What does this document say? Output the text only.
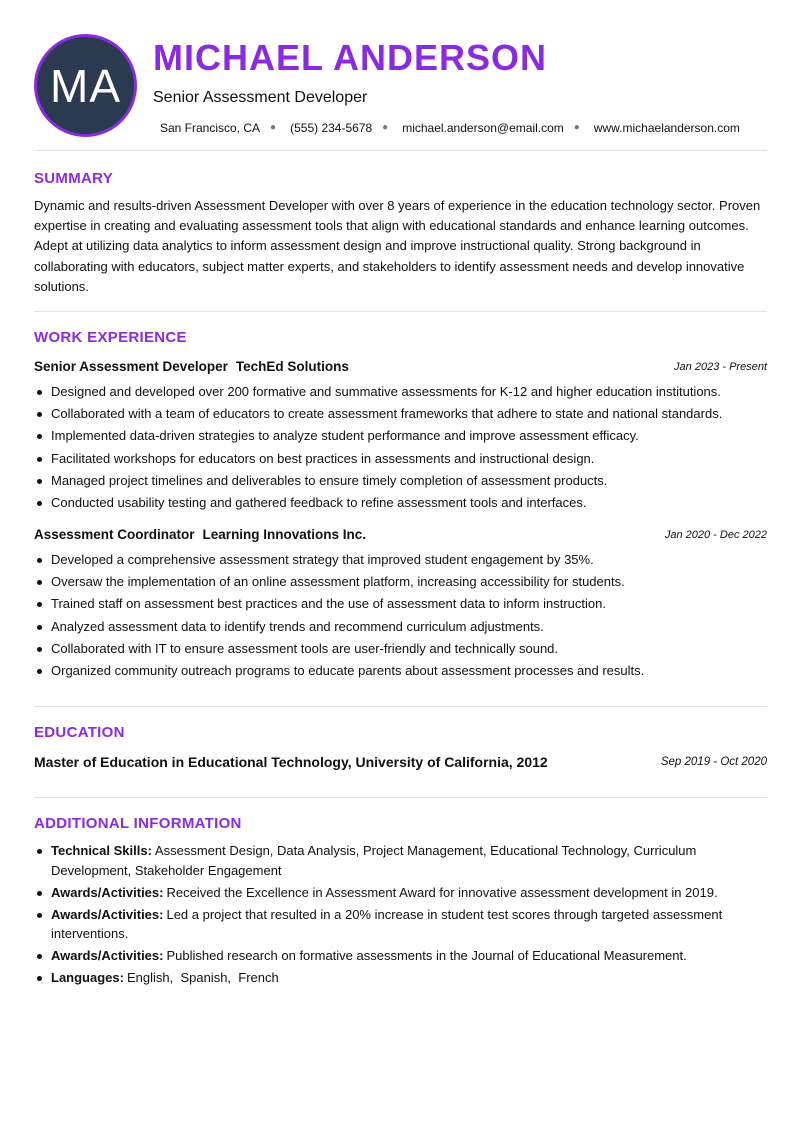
MA
MICHAEL ANDERSON
Senior Assessment Developer
San Francisco, CA ● (555) 234-5678 ● michael.anderson@email.com ● www.michaelanderson.com
SUMMARY
Dynamic and results-driven Assessment Developer with over 8 years of experience in the education technology sector. Proven expertise in creating and evaluating assessment tools that align with educational standards and enhance learning outcomes. Adept at utilizing data analytics to inform assessment design and improve instructional quality. Strong background in collaborating with educators, subject matter experts, and stakeholders to identify assessment needs and develop innovative solutions.
WORK EXPERIENCE
Senior Assessment Developer TechEd Solutions	Jan 2023 - Present
Designed and developed over 200 formative and summative assessments for K-12 and higher education institutions.
Collaborated with a team of educators to create assessment frameworks that adhere to state and national standards.
Implemented data-driven strategies to analyze student performance and improve assessment efficacy.
Facilitated workshops for educators on best practices in assessments and instructional design.
Managed project timelines and deliverables to ensure timely completion of assessment products.
Conducted usability testing and gathered feedback to refine assessment tools and interfaces.
Assessment Coordinator Learning Innovations Inc.	Jan 2020 - Dec 2022
Developed a comprehensive assessment strategy that improved student engagement by 35%.
Oversaw the implementation of an online assessment platform, increasing accessibility for students.
Trained staff on assessment best practices and the use of assessment data to inform instruction.
Analyzed assessment data to identify trends and recommend curriculum adjustments.
Collaborated with IT to ensure assessment tools are user-friendly and technically sound.
Organized community outreach programs to educate parents about assessment processes and results.
EDUCATION
Master of Education in Educational Technology, University of California, 2012	Sep 2019 - Oct 2020
ADDITIONAL INFORMATION
Technical Skills: Assessment Design, Data Analysis, Project Management, Educational Technology, Curriculum Development, Stakeholder Engagement
Awards/Activities: Received the Excellence in Assessment Award for innovative assessment development in 2019.
Awards/Activities: Led a project that resulted in a 20% increase in student test scores through targeted assessment interventions.
Awards/Activities: Published research on formative assessments in the Journal of Educational Measurement.
Languages: English,  Spanish,  French
